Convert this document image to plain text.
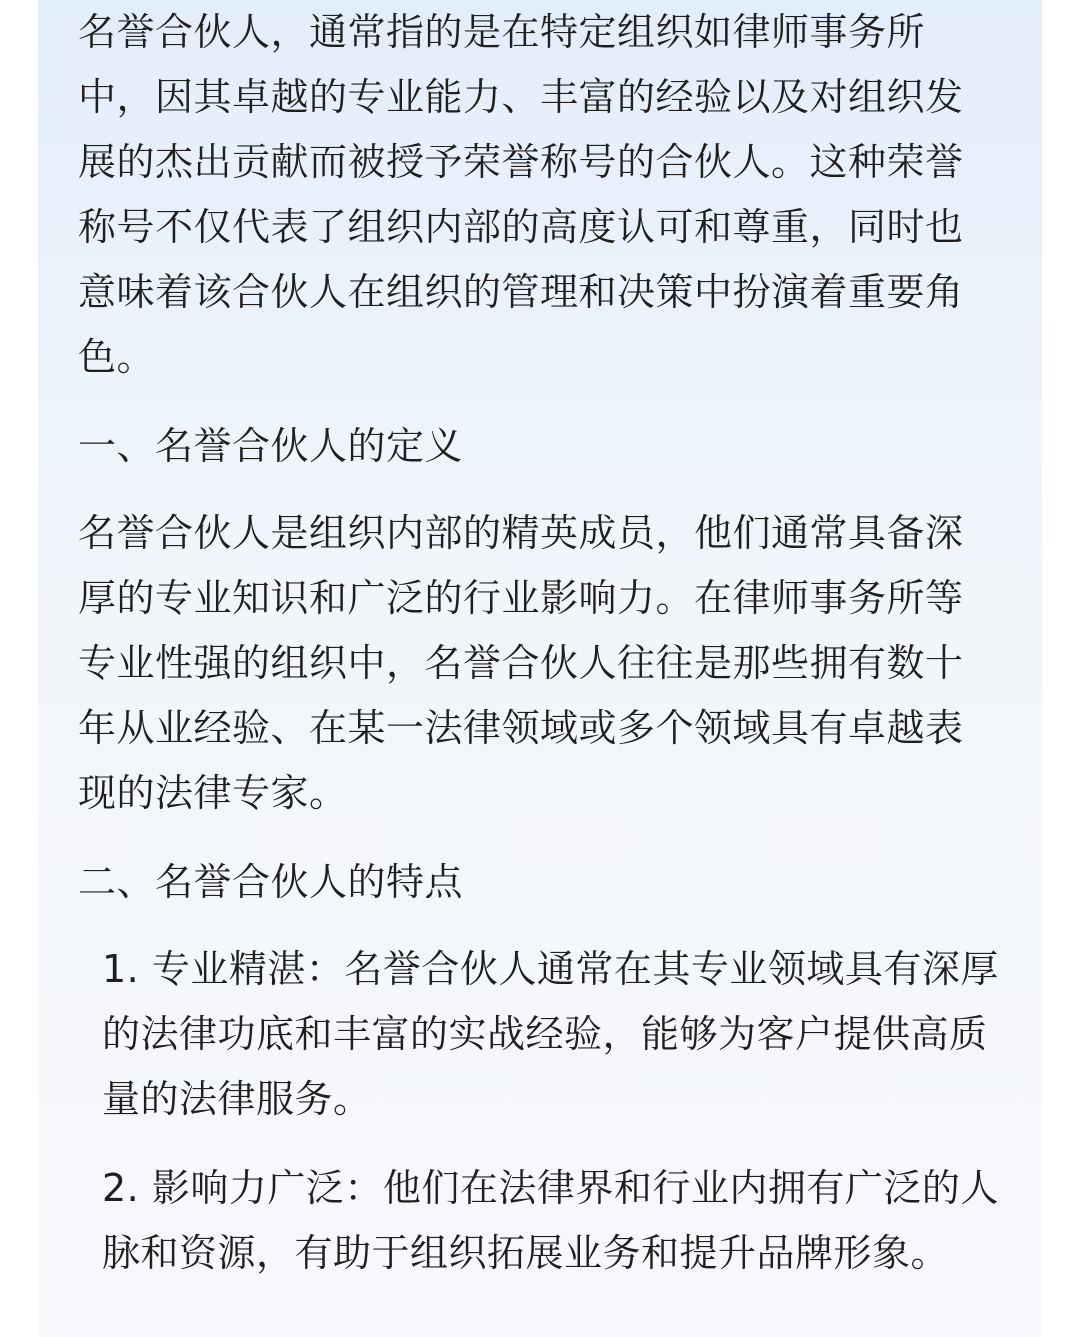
名誉合伙人，通常指的是在特定组织如律师事务所
中，因其卓越的专业能力、丰富的经验以及对组织发
展的杰出贡献而被授予荣誉称号的合伙人。这种荣誉
称号不仅代表了组织内部的高度认可和尊重，同时也
意味着该合伙人在组织的管理和决策中扮演着重要角
色。

一、名誉合伙人的定义

名誉合伙人是组织内部的精英成员，他们通常具备深
厚的专业知识和广泛的行业影响力。在律师事务所等
专业性强的组织中，名誉合伙人往往是那些拥有数十
年从业经验、在某一法律领域或多个领域具有卓越表
现的法律专家。

二、名誉合伙人的特点

1. 专业精湛：名誉合伙人通常在其专业领域具有深厚
的法律功底和丰富的实战经验，能够为客户提供高质
量的法律服务。
2. 影响力广泛：他们在法律界和行业内拥有广泛的人
脉和资源，有助于组织拓展业务和提升品牌形象。
